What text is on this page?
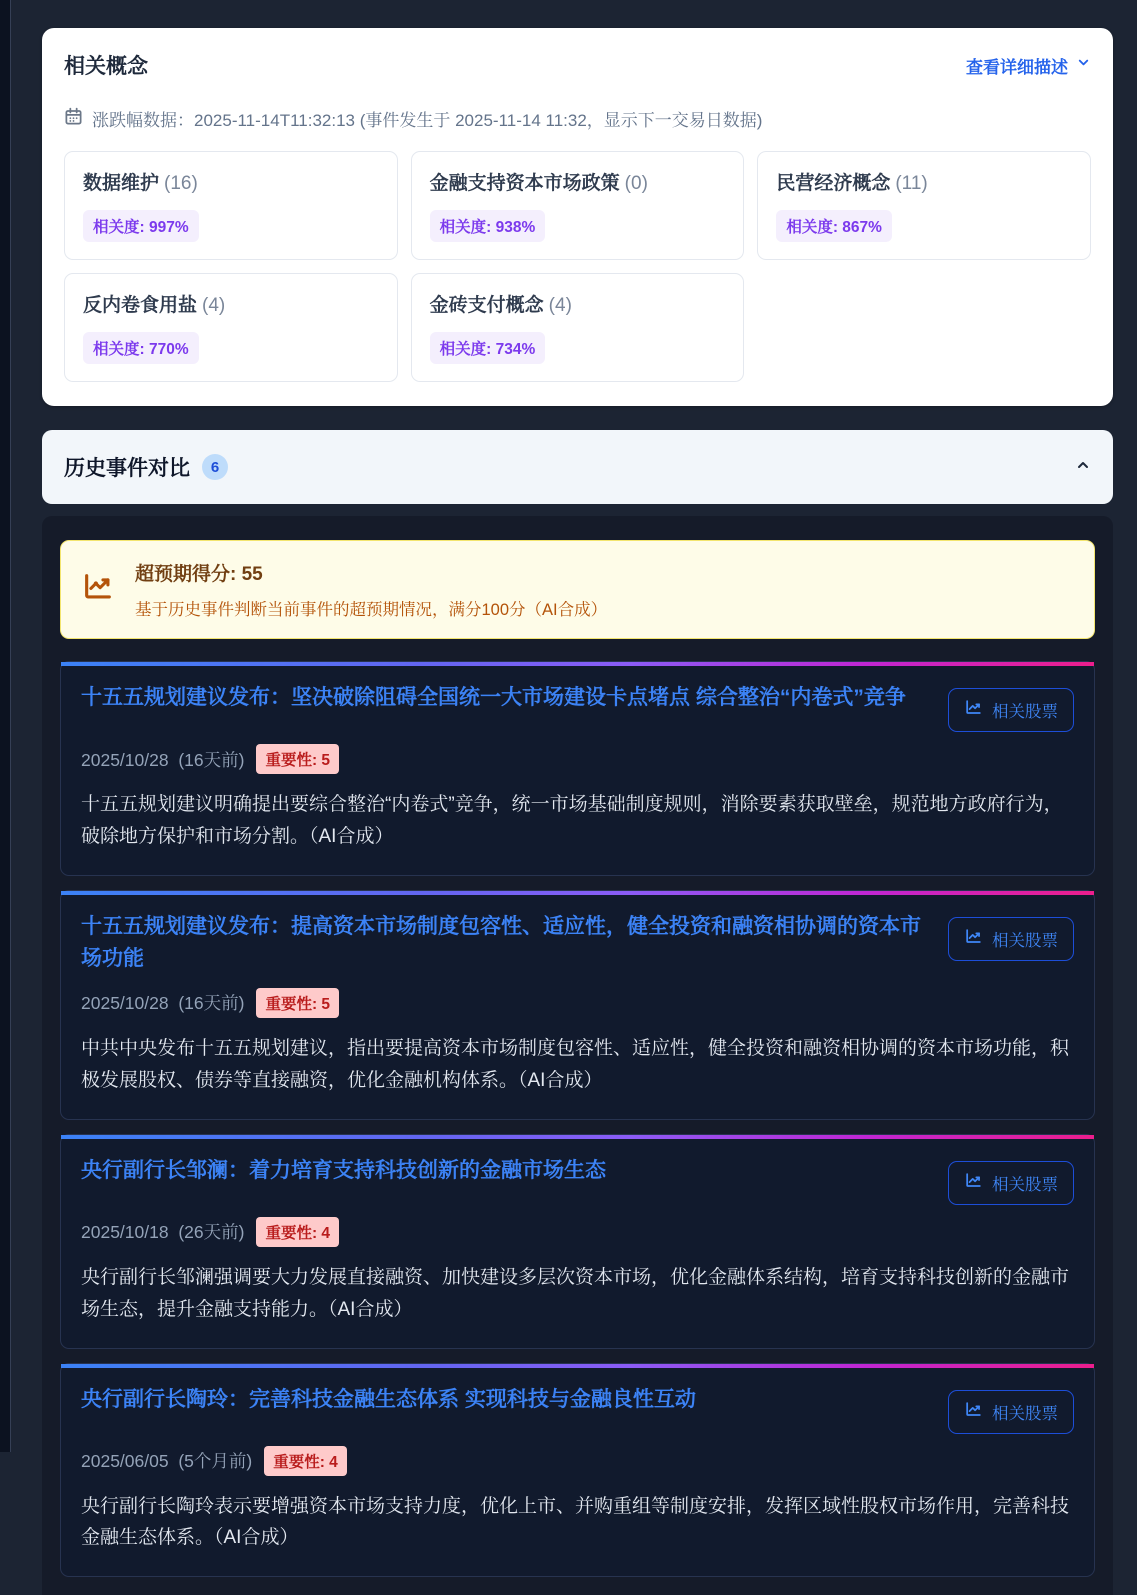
相关概念	查看详细描述
涨跌幅数据：2025-11-14T11:32:13 (事件发生于 2025-11-14 11:32，显示下一交易日数据)
数据维护 (16)
相关度: 997%
金融支持资本市场政策 (0)
相关度: 938%
民营经济概念 (11)
相关度: 867%
反内卷食用盐 (4)
相关度: 770%
金砖支付概念 (4)
相关度: 734%
历史事件对比	6
超预期得分: 55
基于历史事件判断当前事件的超预期情况，满分100分（AI合成）
十五五规划建议发布：坚决破除阻碍全国统一大市场建设卡点堵点 综合整治“内卷式”竞争
相关股票
2025/10/28 (16天前)	重要性: 5

十五五规划建议明确提出要综合整治“内卷式”竞争，统一市场基础制度规则，消除要素获取壁垒，规范地方政府行为，破除地方保护和市场分割。（AI合成）

十五五规划建议发布：提高资本市场制度包容性、适应性，健全投资和融资相协调的资本市场功能
相关股票
2025/10/28 (16天前)	重要性: 5

中共中央发布十五五规划建议，指出要提高资本市场制度包容性、适应性，健全投资和融资相协调的资本市场功能，积极发展股权、债券等直接融资，优化金融机构体系。（AI合成）

央行副行长邹澜：着力培育支持科技创新的金融市场生态
相关股票
2025/10/18 (26天前)	重要性: 4

央行副行长邹澜强调要大力发展直接融资、加快建设多层次资本市场，优化金融体系结构，培育支持科技创新的金融市场生态，提升金融支持能力。（AI合成）

央行副行长陶玲：完善科技金融生态体系 实现科技与金融良性互动
相关股票
2025/06/05 (5个月前)	重要性: 4

央行副行长陶玲表示要增强资本市场支持力度，优化上市、并购重组等制度安排，发挥区域性股权市场作用，完善科技金融生态体系。（AI合成）
